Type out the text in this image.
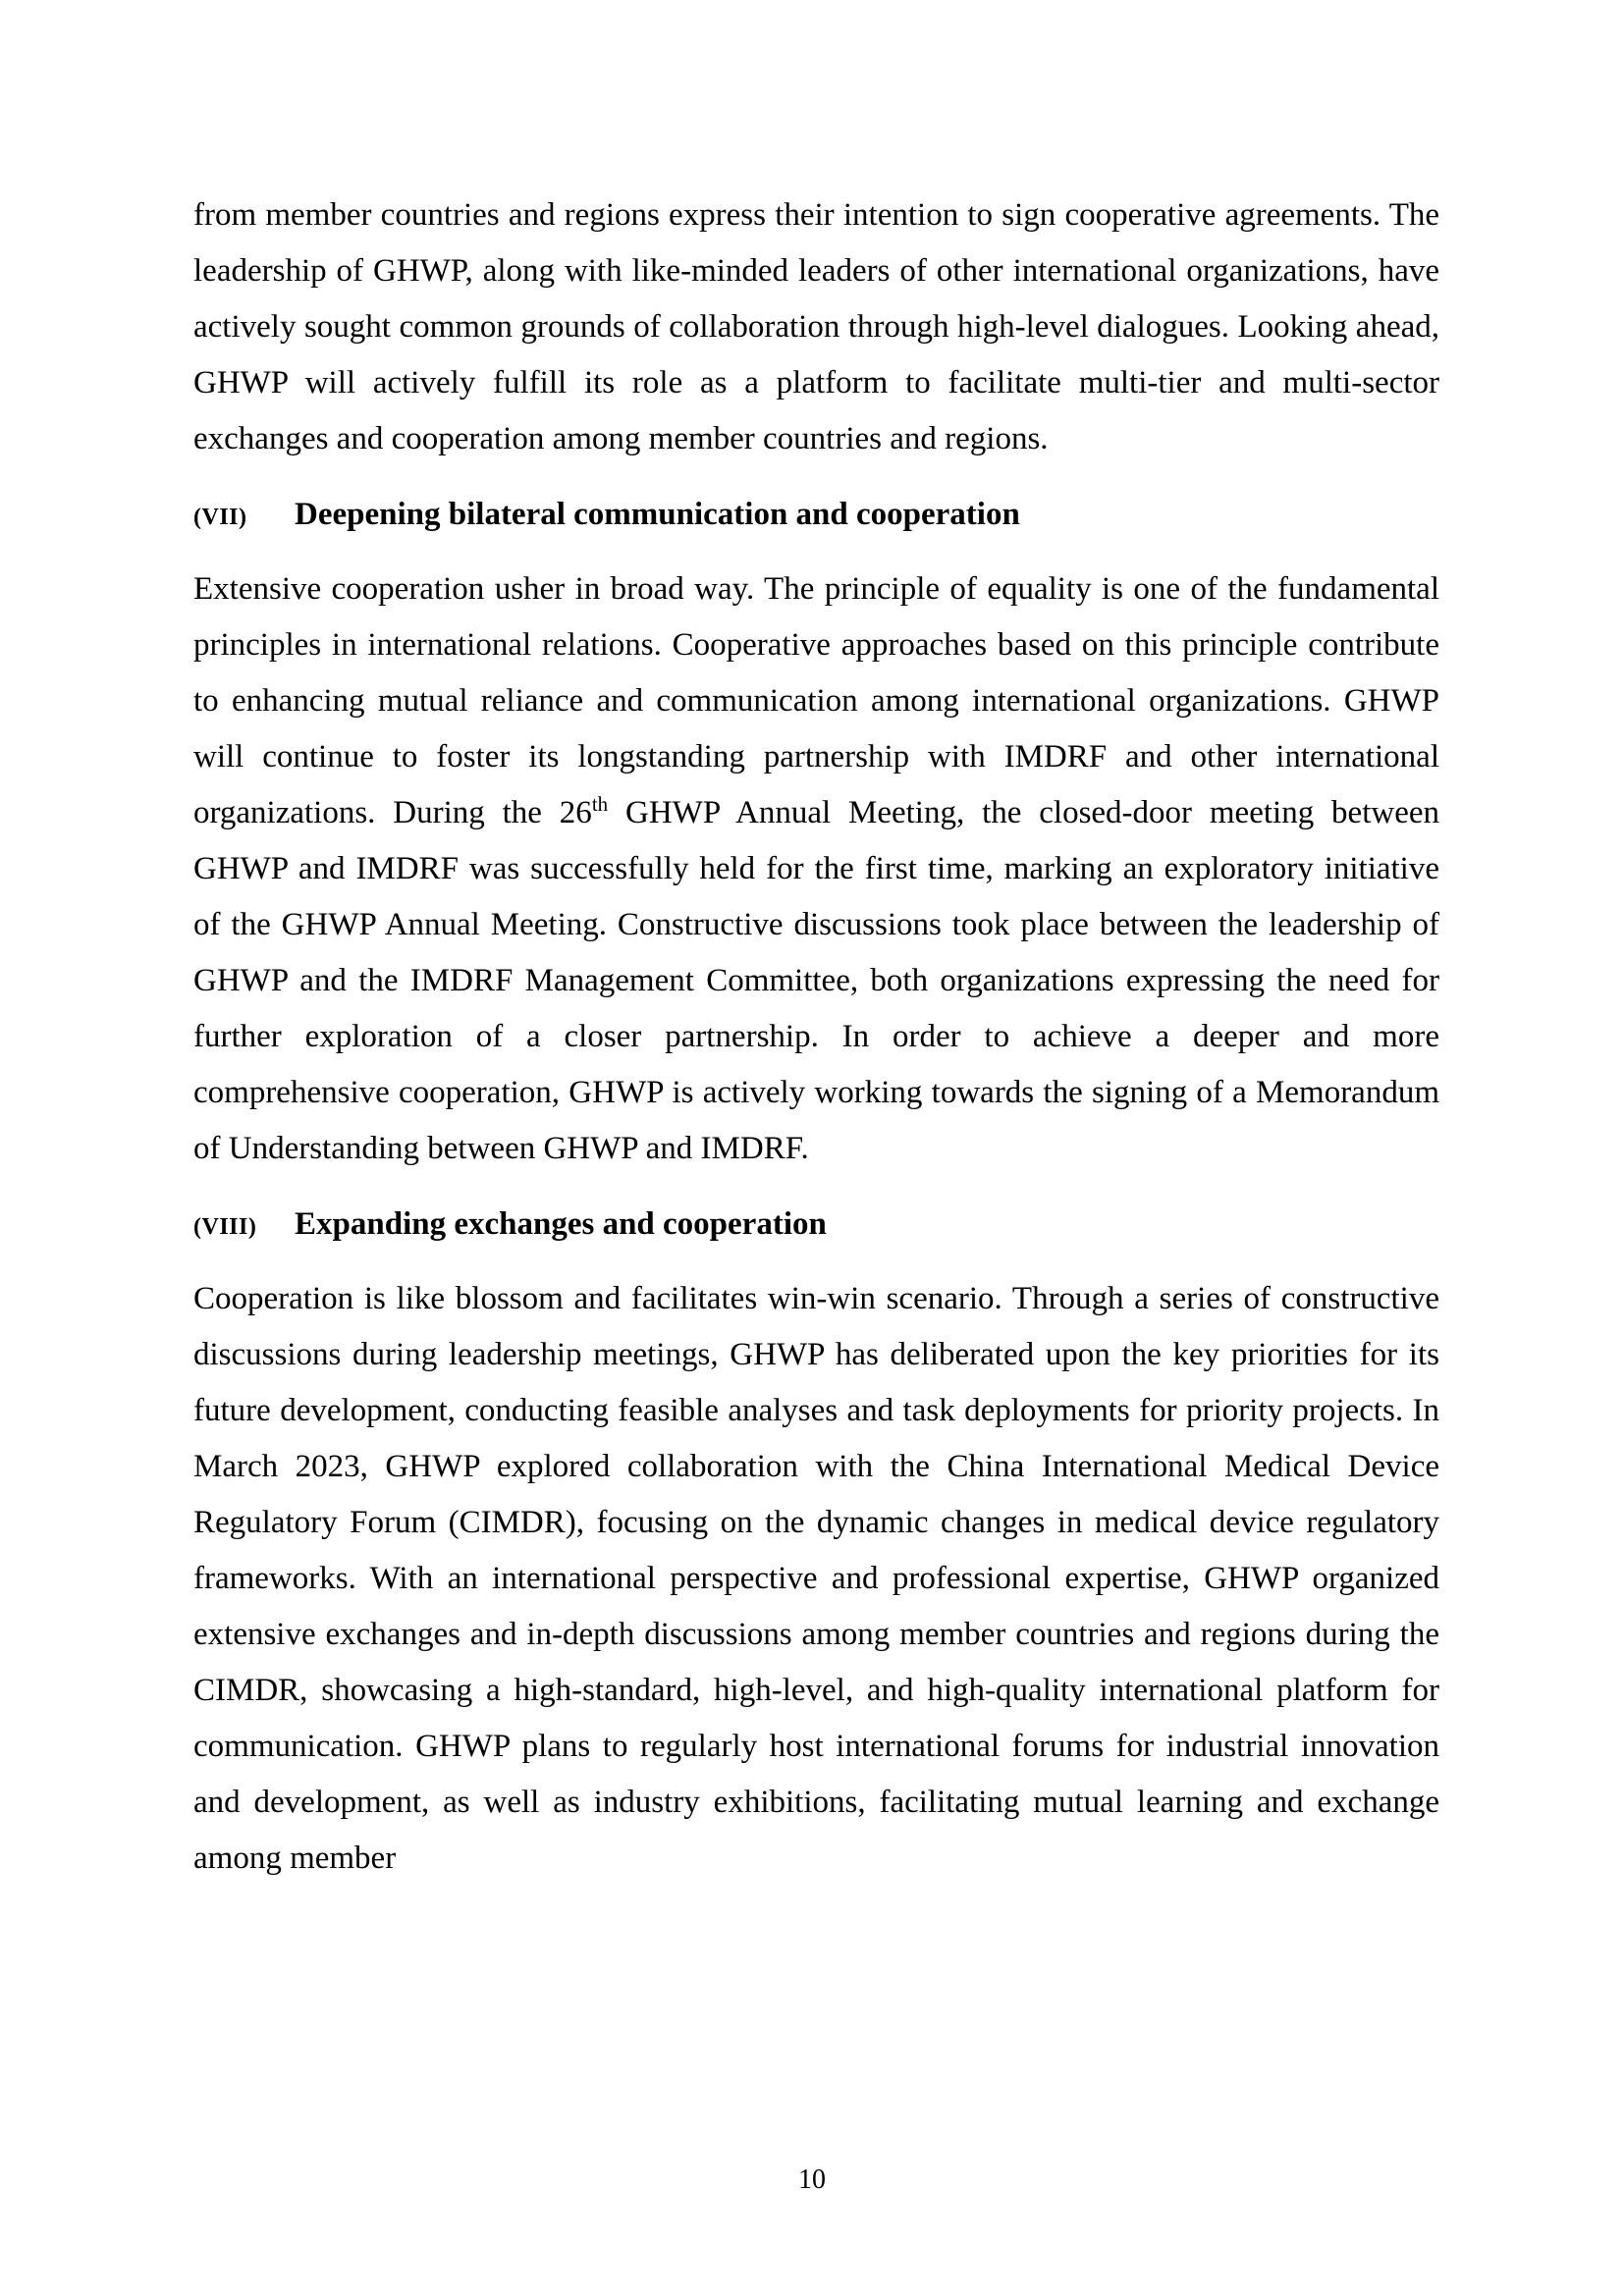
from member countries and regions express their intention to sign cooperative agreements. The leadership of GHWP, along with like-minded leaders of other international organizations, have actively sought common grounds of collaboration through high-level dialogues. Looking ahead, GHWP will actively fulfill its role as a platform to facilitate multi-tier and multi-sector exchanges and cooperation among member countries and regions.

(VII) Deepening bilateral communication and cooperation

Extensive cooperation usher in broad way. The principle of equality is one of the fundamental principles in international relations. Cooperative approaches based on this principle contribute to enhancing mutual reliance and communication among international organizations. GHWP will continue to foster its longstanding partnership with IMDRF and other international organizations. During the 26th GHWP Annual Meeting, the closed-door meeting between GHWP and IMDRF was successfully held for the first time, marking an exploratory initiative of the GHWP Annual Meeting. Constructive discussions took place between the leadership of GHWP and the IMDRF Management Committee, both organizations expressing the need for further exploration of a closer partnership. In order to achieve a deeper and more comprehensive cooperation, GHWP is actively working towards the signing of a Memorandum of Understanding between GHWP and IMDRF.

(VIII) Expanding exchanges and cooperation

Cooperation is like blossom and facilitates win-win scenario. Through a series of constructive discussions during leadership meetings, GHWP has deliberated upon the key priorities for its future development, conducting feasible analyses and task deployments for priority projects. In March 2023, GHWP explored collaboration with the China International Medical Device Regulatory Forum (CIMDR), focusing on the dynamic changes in medical device regulatory frameworks. With an international perspective and professional expertise, GHWP organized extensive exchanges and in-depth discussions among member countries and regions during the CIMDR, showcasing a high-standard, high-level, and high-quality international platform for communication. GHWP plans to regularly host international forums for industrial innovation and development, as well as industry exhibitions, facilitating mutual learning and exchange among member

10
